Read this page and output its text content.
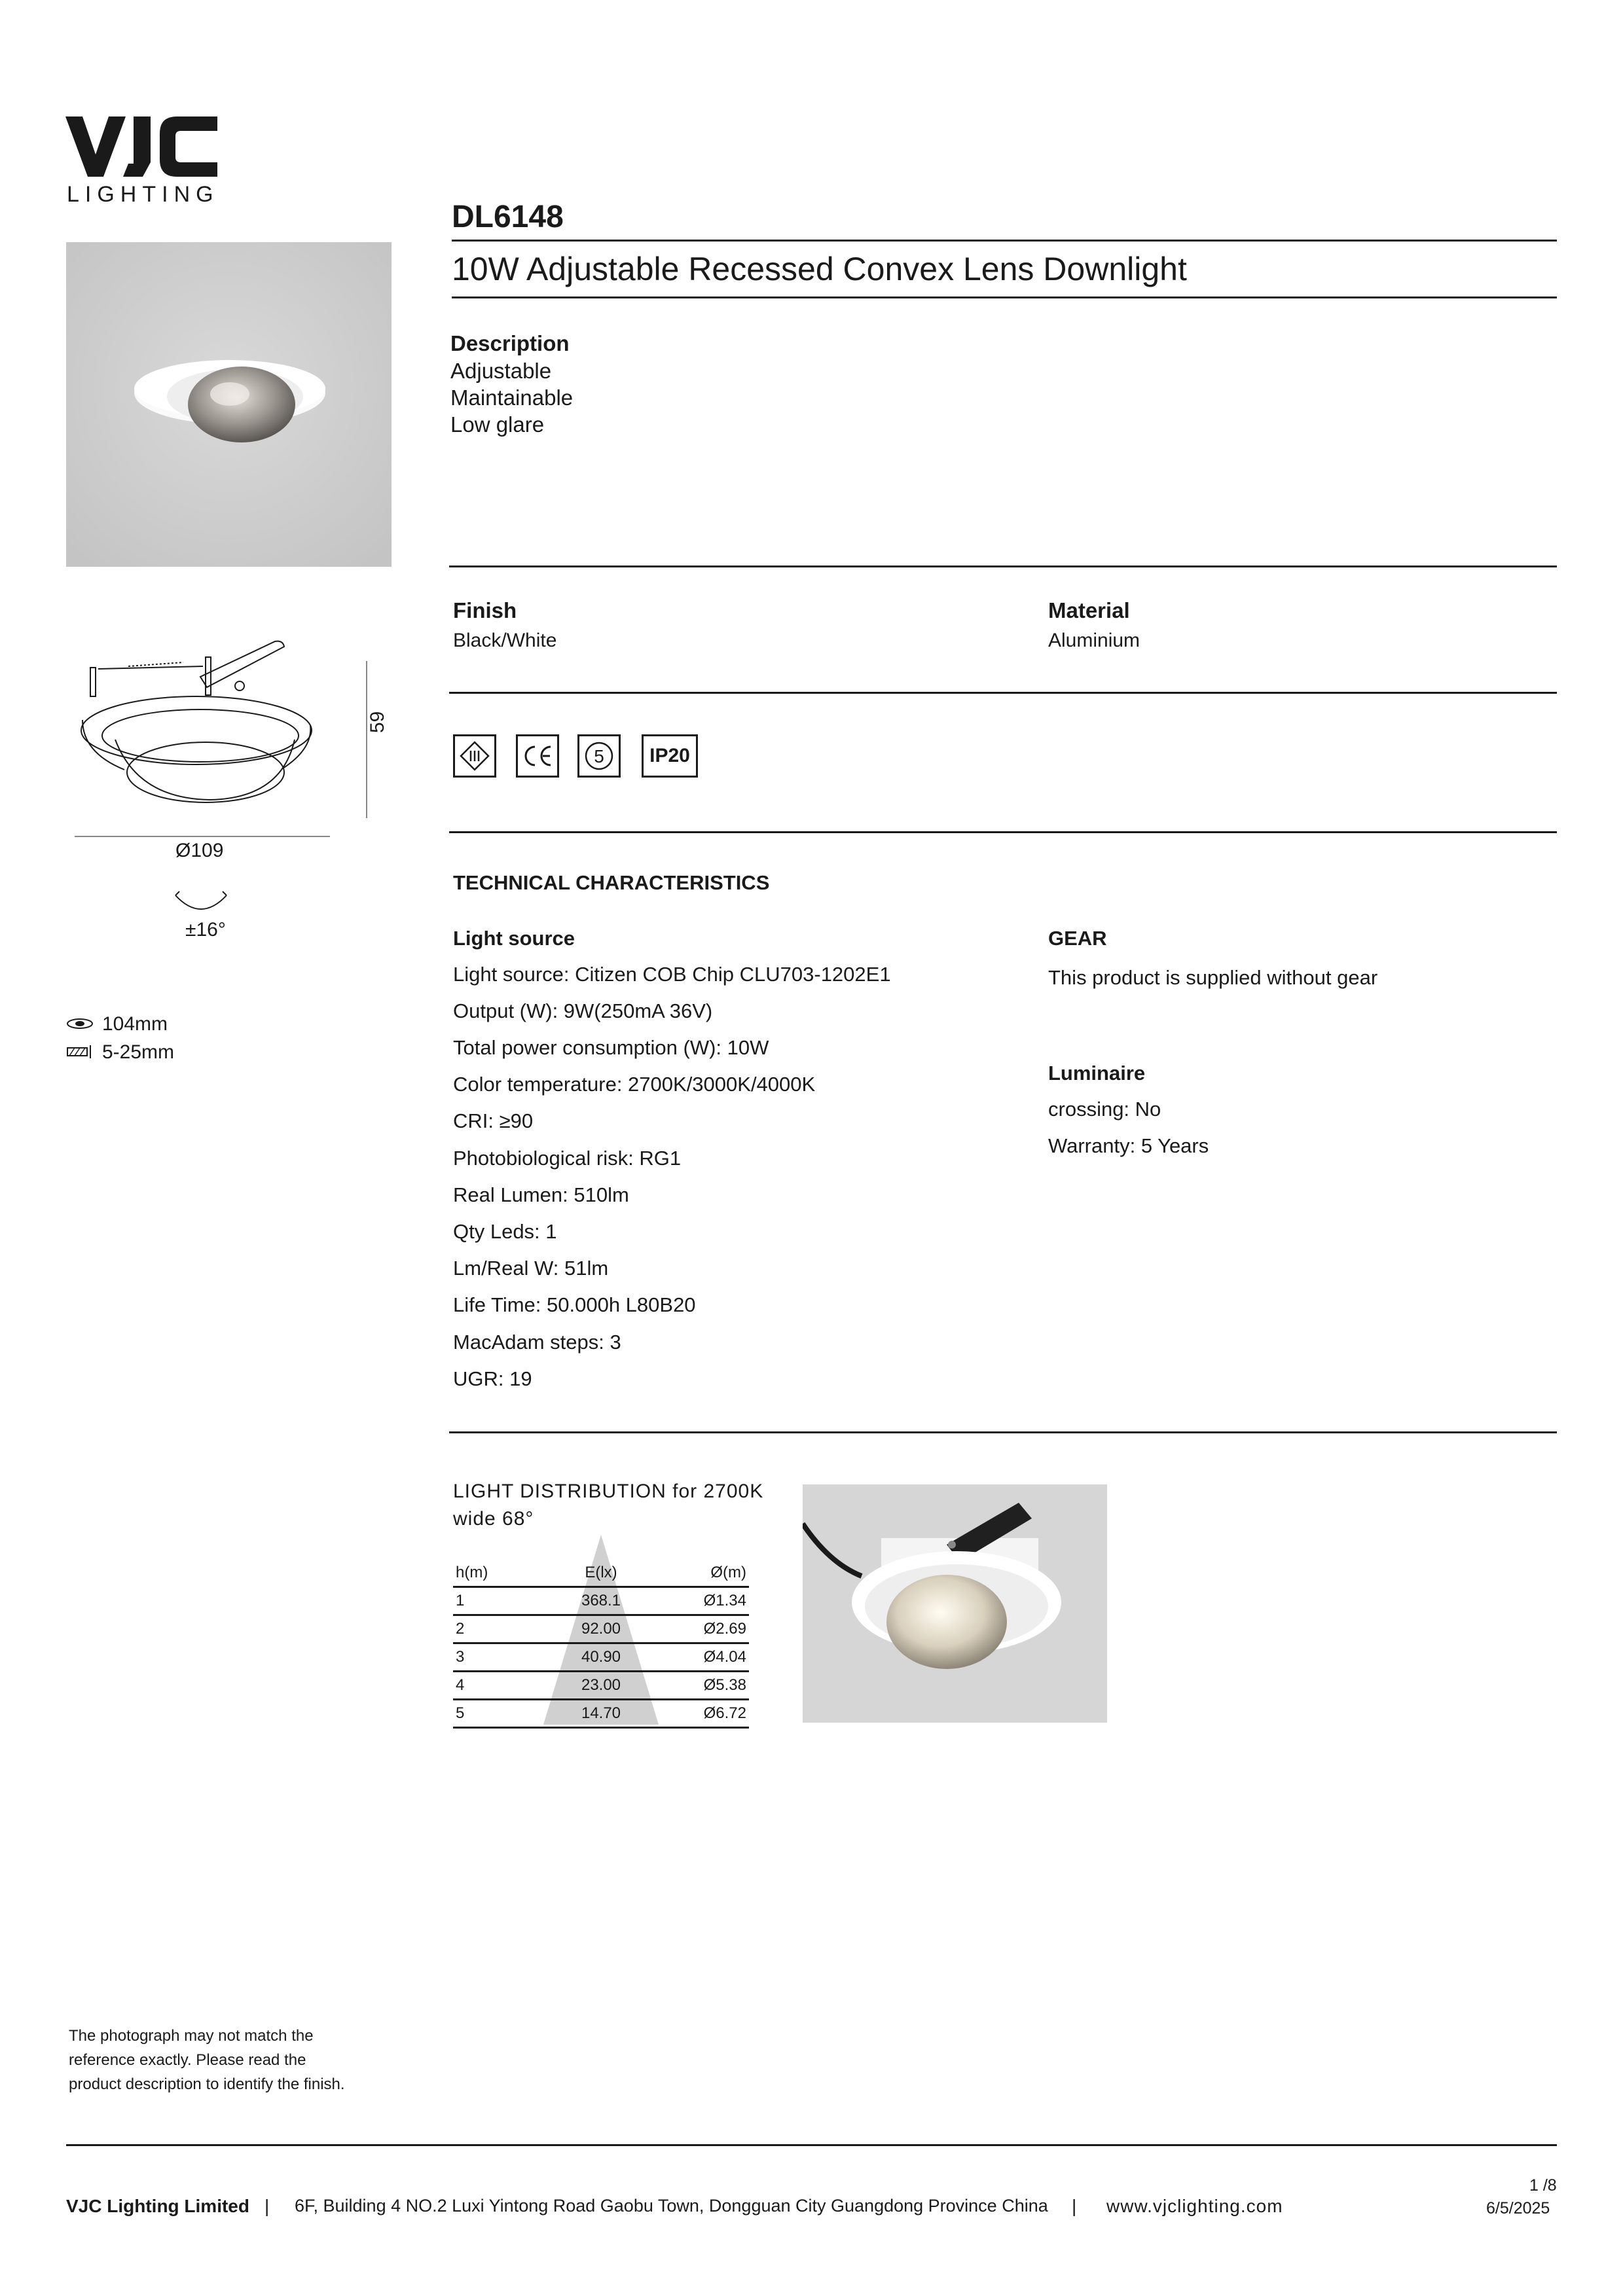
LIGHTING
DL6148
10W Adjustable Recessed Convex Lens Downlight
Description
Adjustable
Maintainable
Low glare
Finish
Black/White
Material
Aluminium
5	IP20
59
Ø109
±16°
104mm
5-25mm
TECHNICAL CHARACTERISTICS
Light source
Light source: Citizen COB Chip CLU703-1202E1
Output (W): 9W(250mA 36V)
Total power consumption (W): 10W
Color temperature: 2700K/3000K/4000K
CRI: ≥90
Photobiological risk: RG1
Real Lumen: 510lm
Qty Leds: 1
Lm/Real W: 51lm
Life Time: 50.000h L80B20
MacAdam steps: 3
UGR: 19
GEAR
This product is supplied without gear
Luminaire
crossing: No
Warranty: 5 Years
LIGHT DISTRIBUTION for 2700K
wide 68°
h(m)	E(lx)	Ø(m)
1	368.1	Ø1.34
2	92.00	Ø2.69
3	40.90	Ø4.04
4	23.00	Ø5.38
5	14.70	Ø6.72
The photograph may not match the
reference exactly. Please read the
product description to identify the finish.
1 /8
VJC Lighting Limited | 6F, Building 4 NO.2 Luxi Yintong Road Gaobu Town, Dongguan City Guangdong Province China | www.vjclighting.com	6/5/2025
